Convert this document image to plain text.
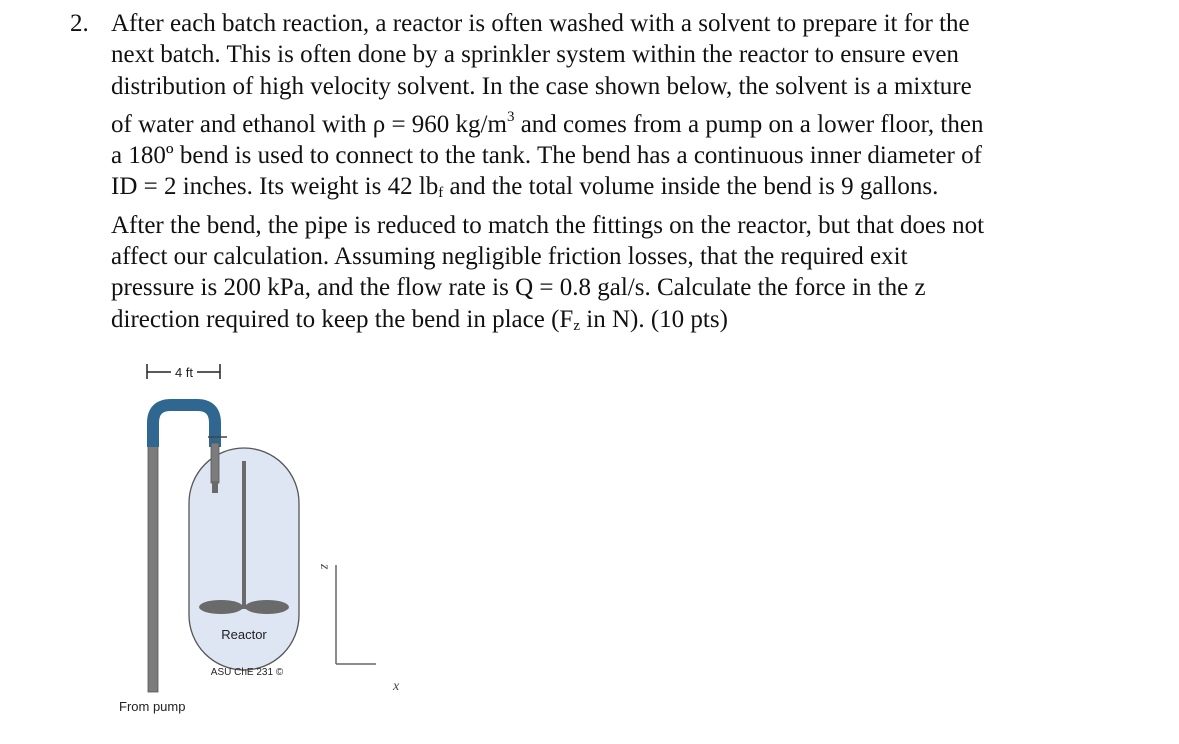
2. After each batch reaction, a reactor is often washed with a solvent to prepare it for the
next batch. This is often done by a sprinkler system within the reactor to ensure even
distribution of high velocity solvent. In the case shown below, the solvent is a mixture
of water and ethanol with ρ = 960 $kg/m^3$ and comes from a pump on a lower floor, then
a 180º bend is used to connect to the tank. The bend has a continuous inner diameter of
ID = 2 inches. Its weight is 42 $lb_f$ and the total volume inside the bend is 9 gallons.
After the bend, the pipe is reduced to match the fittings on the reactor, but that does not
affect our calculation. Assuming negligible friction losses, that the required exit
pressure is 200 kPa, and the flow rate is Q = 0.8 gal/s. Calculate the force in the z
direction required to keep the bend in place ($F_z$ in N). (10 pts)
4 ft
Reactor
ASU ChE 231 ©
z
x
From pump
